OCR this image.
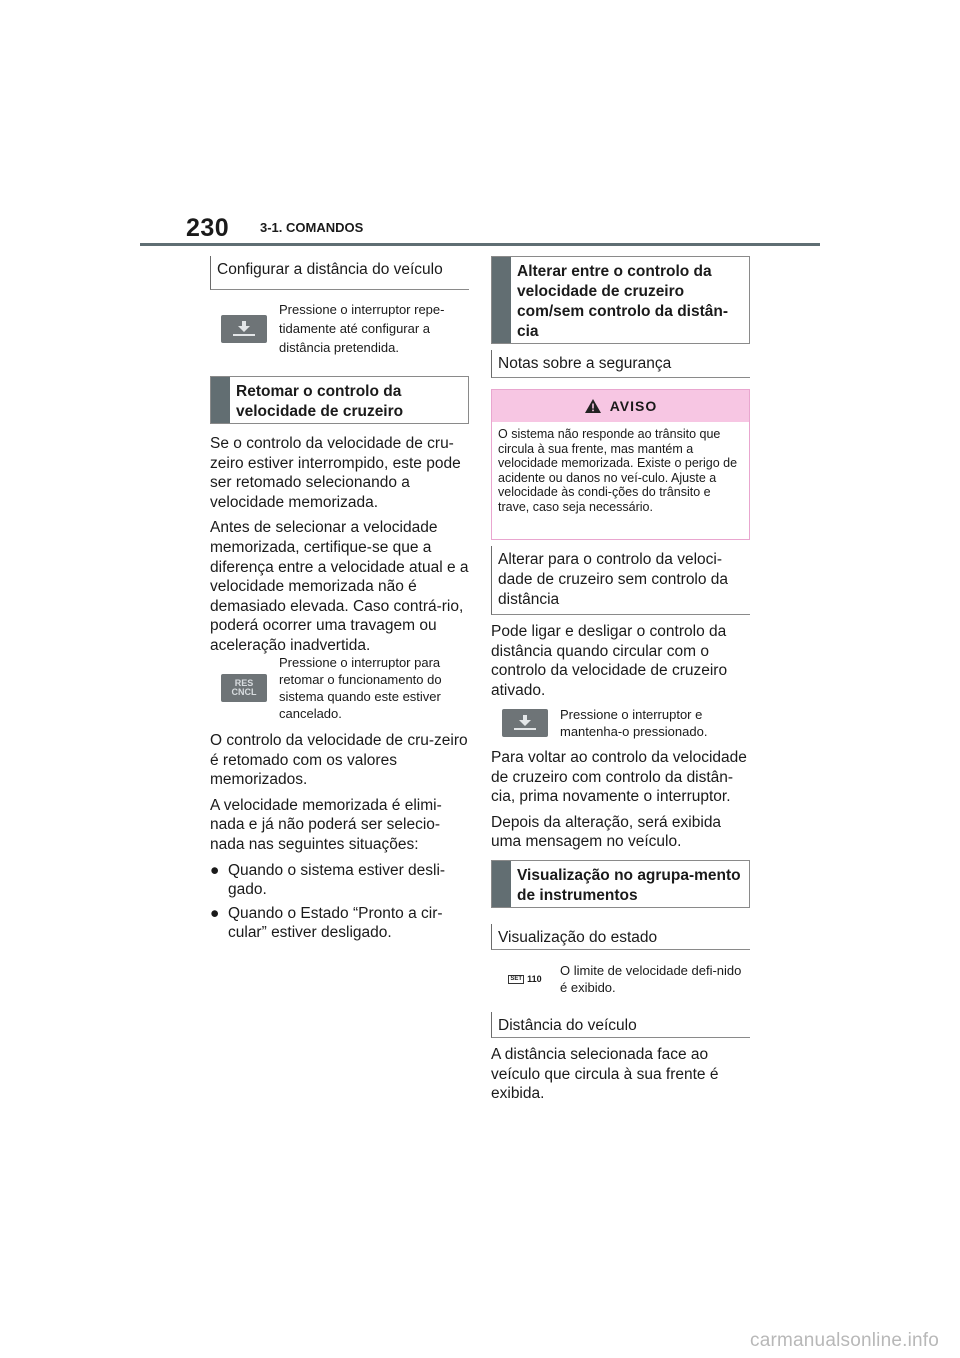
230 3-1. COMANDOS
Configurar a distância do veículo
Pressione o interruptor repe-tidamente até configurar a distância pretendida.
Retomar o controlo da velocidade de cruzeiro

Se o controlo da velocidade de cru-zeiro estiver interrompido, este pode ser retomado selecionando a velocidade memorizada.

Antes de selecionar a velocidade memorizada, certifique-se que a diferença entre a velocidade atual e a velocidade memorizada não é demasiado elevada. Caso contrá-rio, poderá ocorrer uma travagem ou aceleração inadvertida.

RES
CNCL
Pressione o interruptor para retomar o funcionamento do sistema quando este estiver cancelado.

O controlo da velocidade de cru-zeiro é retomado com os valores memorizados.

A velocidade memorizada é elimi-nada e já não poderá ser selecio-nada nas seguintes situações:

● Quando o sistema estiver desli-gado.
● Quando o Estado “Pronto a cir-cular” estiver desligado.
Alterar entre o controlo da velocidade de cruzeiro com/sem controlo da distân-cia
Notas sobre a segurança
AVISO
O sistema não responde ao trânsito que circula à sua frente, mas mantém a velocidade memorizada. Existe o perigo de acidente ou danos no veí-culo. Ajuste a velocidade às condi-ções do trânsito e trave, caso seja necessário.
Alterar para o controlo da veloci-dade de cruzeiro sem controlo da distância
Pode ligar e desligar o controlo da distância quando circular com o controlo da velocidade de cruzeiro ativado.
Pressione o interruptor e mantenha-o pressionado.

Para voltar ao controlo da velocidade de cruzeiro com controlo da distân-cia, prima novamente o interruptor.

Depois da alteração, será exibida uma mensagem no veículo.

Visualização no agrupa-mento de instrumentos
Visualização do estado
SET 110
O limite de velocidade defi-nido é exibido.
Distância do veículo
A distância selecionada face ao veículo que circula à sua frente é exibida.
carmanualsonline.info
